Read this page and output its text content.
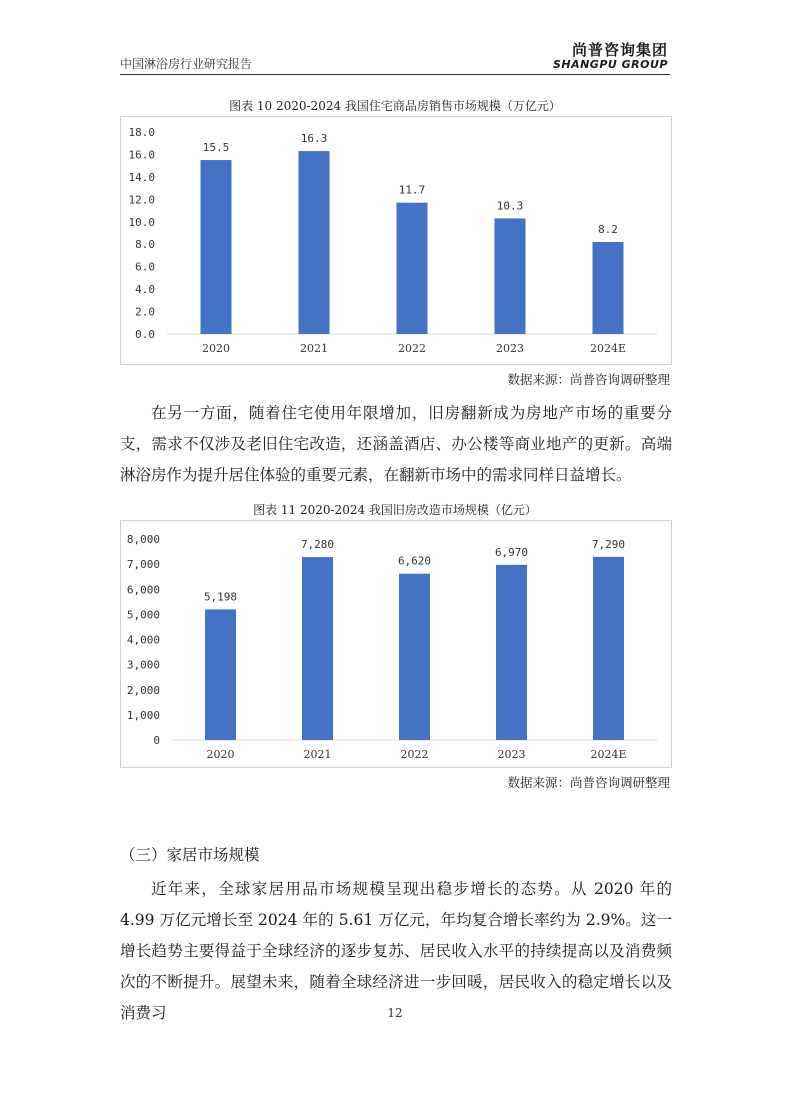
中国淋浴房行业研究报告
尚普咨询集团
SHANGPU GROUP
图表 10 2020-2024 我国住宅商品房销售市场规模（万亿元）
0.0
2.0
4.0
6.0
8.0
10.0
12.0
14.0
16.0
18.0
15.5
2020
16.3
2021
11.7
2022
10.3
2023
8.2
2024E
数据来源：尚普咨询调研整理

在另一方面，随着住宅使用年限增加，旧房翻新成为房地产市场的重要分支，需求不仅涉及老旧住宅改造，还涵盖酒店、办公楼等商业地产的更新。高端淋浴房作为提升居住体验的重要元素，在翻新市场中的需求同样日益增长。

图表 11 2020-2024 我国旧房改造市场规模（亿元）
0
1,000
2,000
3,000
4,000
5,000
6,000
7,000
8,000
5,198
2020
7,280
2021
6,620
2022
6,970
2023
7,290
2024E
数据来源：尚普咨询调研整理

（三）家居市场规模

近年来，全球家居用品市场规模呈现出稳步增长的态势。从 2020 年的 4.99 万亿元增长至 2024 年的 5.61 万亿元，年均复合增长率约为 2.9%。这一增长趋势主要得益于全球经济的逐步复苏、居民收入水平的持续提高以及消费频次的不断提升。展望未来，随着全球经济进一步回暖，居民收入的稳定增长以及消费习	12
